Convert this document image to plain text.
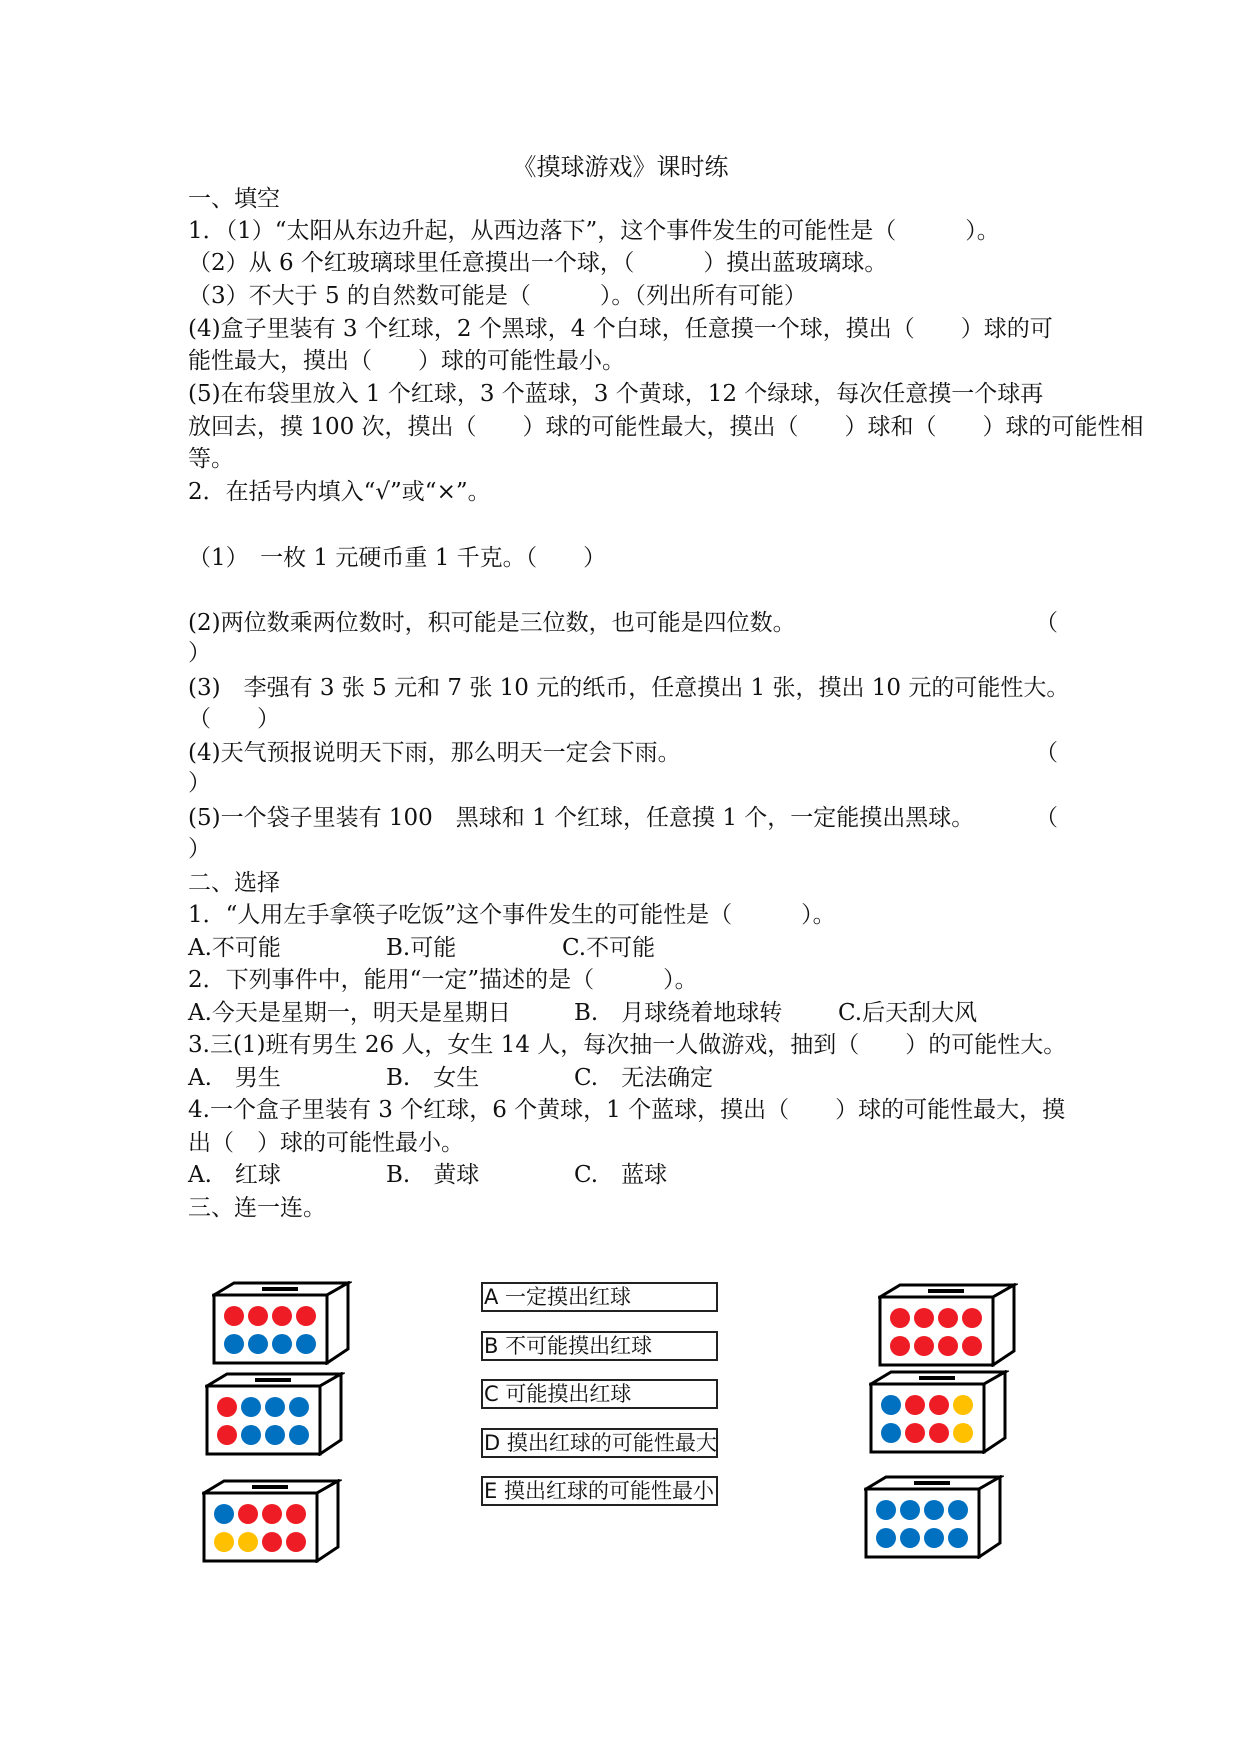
《摸球游戏》课时练
一、填空
1．（1）“太阳从东边升起，从西边落下”，这个事件发生的可能性是（　　　）。
（2）从 6 个红玻璃球里任意摸出一个球，（　　　）摸出蓝玻璃球。
（3）不大于 5 的自然数可能是（　　　）。（列出所有可能）
(4)盒子里装有 3 个红球，2 个黑球，4 个白球，任意摸一个球，摸出（　　）球的可
能性最大，摸出（　　）球的可能性最小。
(5)在布袋里放入 1 个红球，3 个蓝球，3 个黄球，12 个绿球，每次任意摸一个球再
放回去，摸 100 次，摸出（　　）球的可能性最大，摸出（　　）球和（　　）球的可能性相
等。
2．在括号内填入“√”或“×”。
（1）　一枚 1 元硬币重 1 千克。（　　）
(2)两位数乘两位数时，积可能是三位数，也可能是四位数。	（
）
(3)　李强有 3 张 5 元和 7 张 10 元的纸币，任意摸出 1 张，摸出 10 元的可能性大。
（　　）
(4)天气预报说明天下雨，那么明天一定会下雨。	（
）
(5)一个袋子里装有 100　黑球和 1 个红球，任意摸 1 个，一定能摸出黑球。	（
）
二、选择
1．“人用左手拿筷子吃饭”这个事件发生的可能性是（　　　）。
A.不可能	B.可能	C.不可能
2．下列事件中，能用“一定”描述的是（　　　）。
A.今天是星期一，明天是星期日	B.　月球绕着地球转 C.后天刮大风
3.三(1)班有男生 26 人，女生 14 人，每次抽一人做游戏，抽到（　　）的可能性大。
A.　男生	B.　女生	C.　无法确定
4.一个盒子里装有 3 个红球，6 个黄球，1 个蓝球，摸出（　　）球的可能性最大，摸
出（　）球的可能性最小。
A.　红球	B.　黄球	C.　蓝球
三、连一连。
A 一定摸出红球
B 不可能摸出红球
C 可能摸出红球
D 摸出红球的可能性最大
E 摸出红球的可能性最小
